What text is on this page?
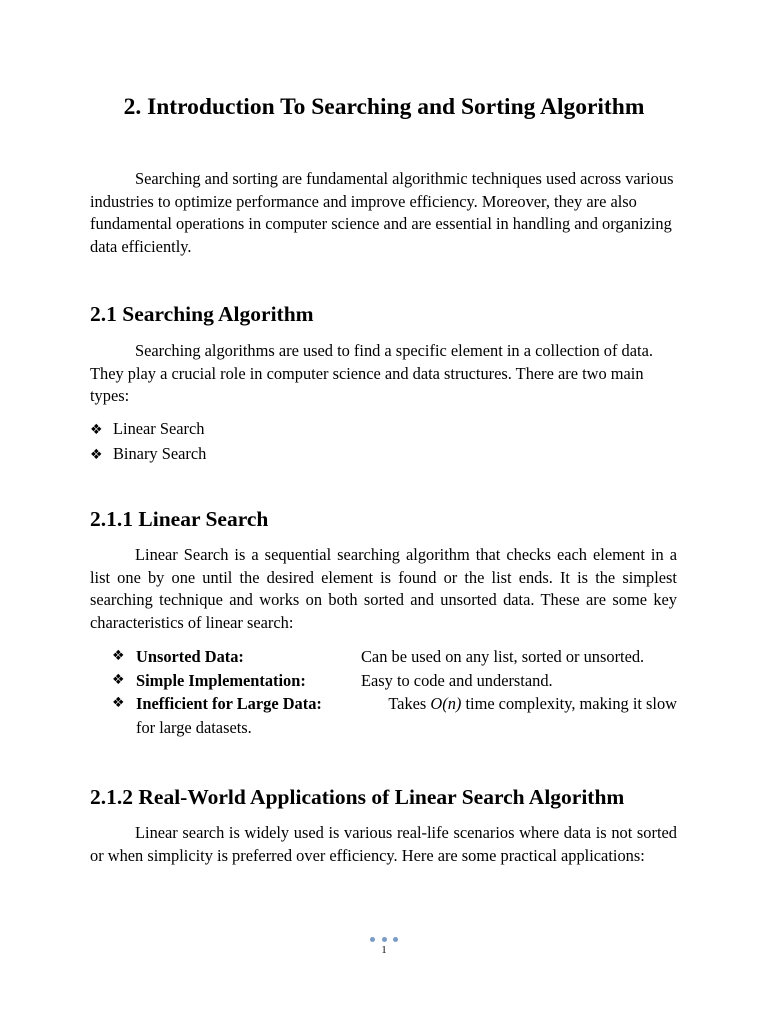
2. Introduction To Searching and Sorting Algorithm

Searching and sorting are fundamental algorithmic techniques used across various industries to optimize performance and improve efficiency. Moreover, they are also fundamental operations in computer science and are essential in handling and organizing data efficiently.

2.1 Searching Algorithm

Searching algorithms are used to find a specific element in a collection of data. They play a crucial role in computer science and data structures. There are two main types:

❖ Linear Search
❖ Binary Search
2.1.1 Linear Search

Linear Search is a sequential searching algorithm that checks each element in a list one by one until the desired element is found or the list ends. It is the simplest searching technique and works on both sorted and unsorted data. These are some key characteristics of linear search:

❖ Unsorted Data:	Can be used on any list, sorted or unsorted.
❖ Simple Implementation:	Easy to code and understand.
❖ Inefficient for Large Data:	Takes O(n) time complexity, making it slow
for large datasets.
2.1.2 Real-World Applications of Linear Search Algorithm

Linear search is widely used is various real-life scenarios where data is not sorted or when simplicity is preferred over efficiency. Here are some practical applications:

1
